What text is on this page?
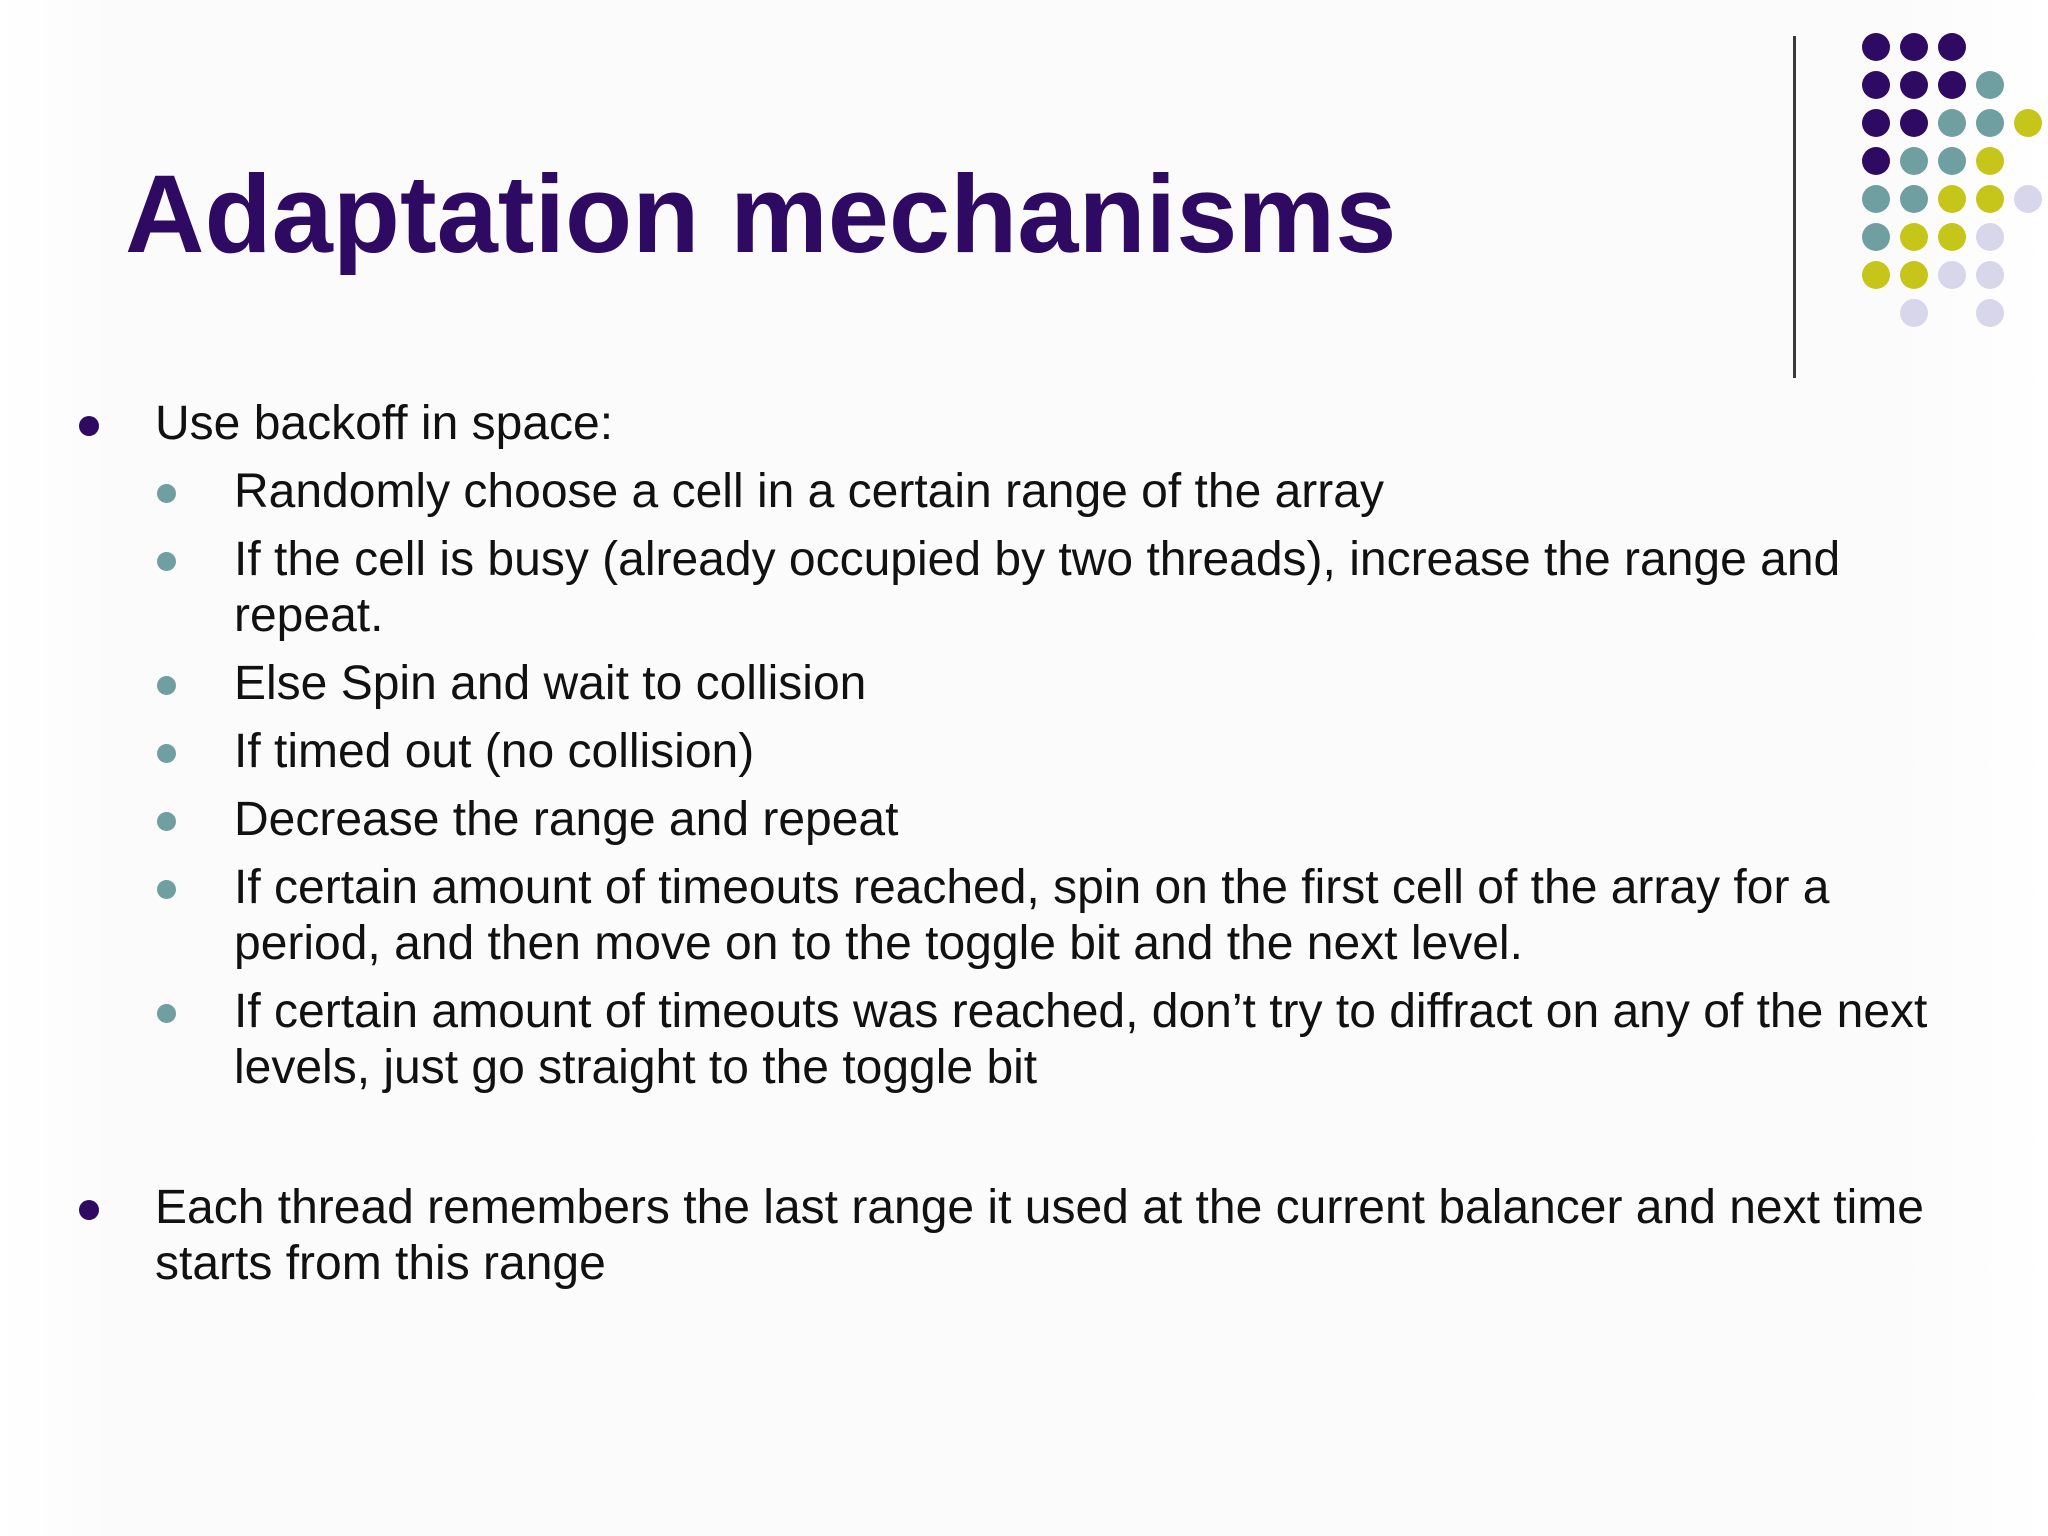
Adaptation mechanisms
Use backoff in space:
Randomly choose a cell in a certain range of the array
If the cell is busy (already occupied by two threads), increase the range and repeat.
Else Spin and wait to collision
If timed out (no collision)
Decrease the range and repeat
If certain amount of timeouts reached, spin on the first cell of the array for a period, and then move on to the toggle bit and the next level.
If certain amount of timeouts was reached, don’t try to diffract on any of the next levels, just go straight to the toggle bit
Each thread remembers the last range it used at the current balancer and next time starts from this range
